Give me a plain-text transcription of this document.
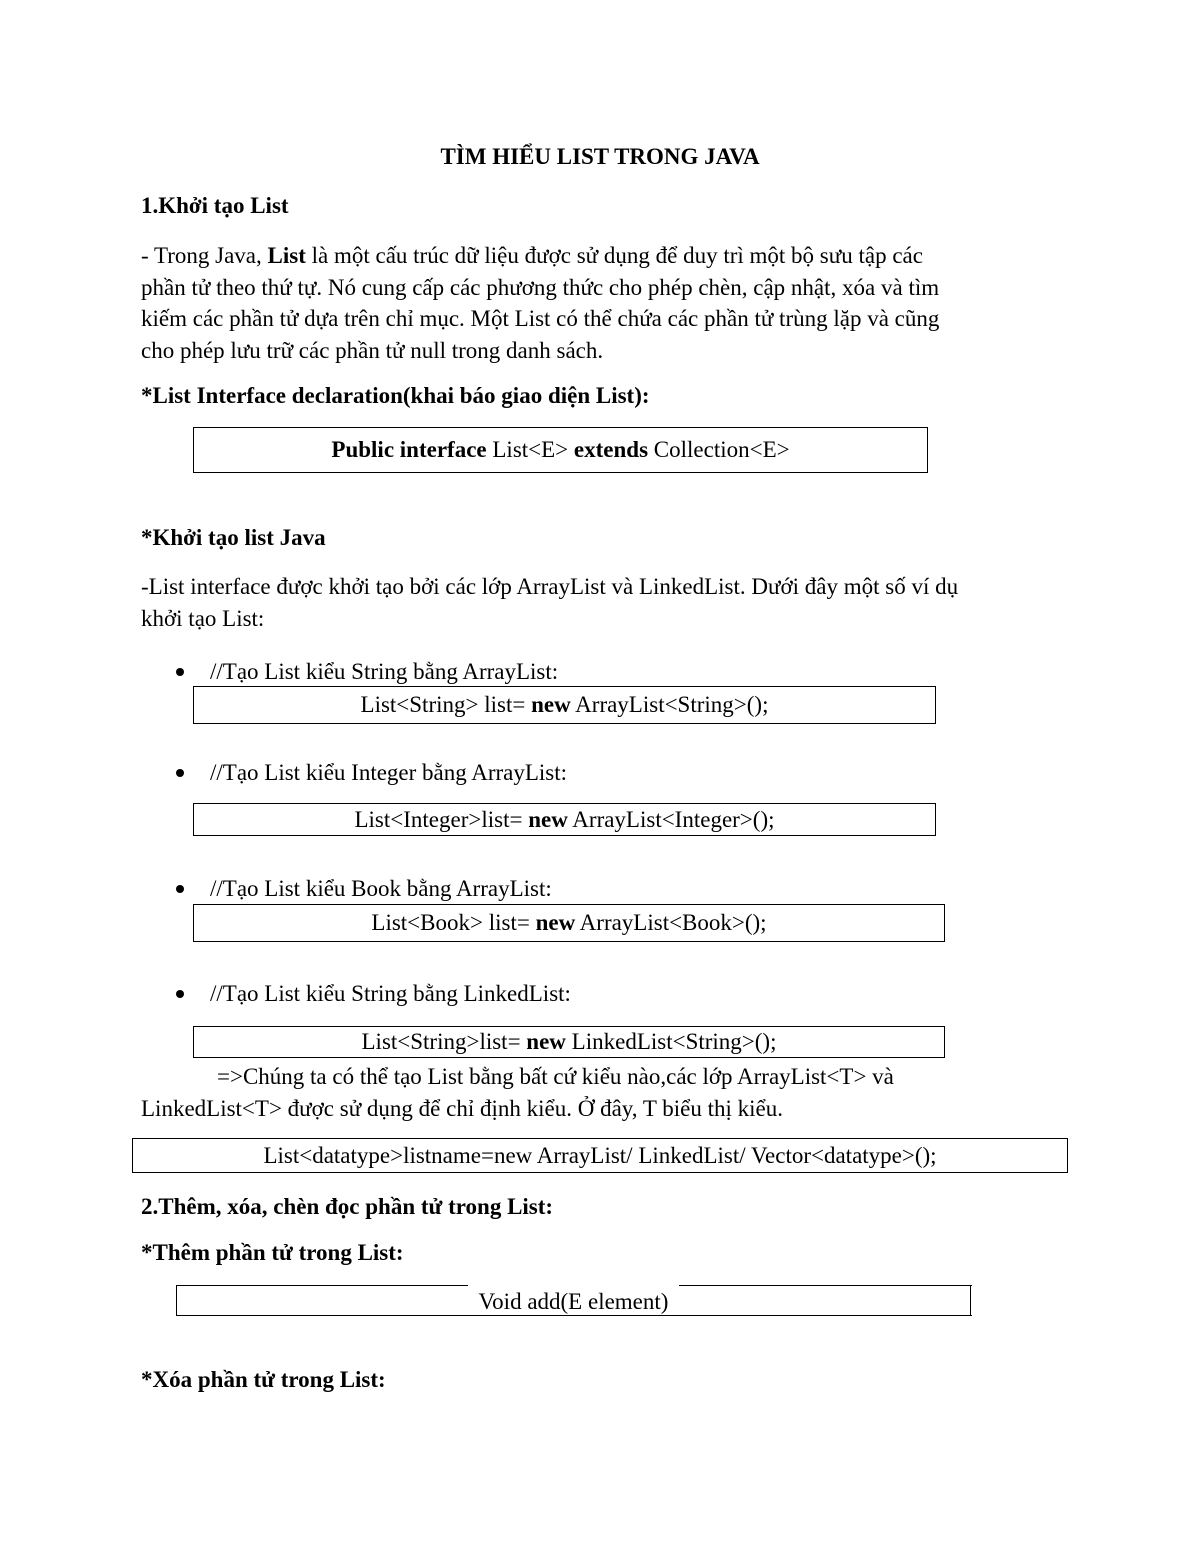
TÌM HIỂU LIST TRONG JAVA
1.Khởi tạo List
- Trong Java, List là một cấu trúc dữ liệu được sử dụng để duy trì một bộ sưu tập các
phần tử theo thứ tự. Nó cung cấp các phương thức cho phép chèn, cập nhật, xóa và tìm
kiếm các phần tử dựa trên chỉ mục. Một List có thể chứa các phần tử trùng lặp và cũng
cho phép lưu trữ các phần tử null trong danh sách.
*List Interface declaration(khai báo giao diện List):
Public interface List<E> extends Collection<E>
*Khởi tạo list Java
-List interface được khởi tạo bởi các lớp ArrayList và LinkedList. Dưới đây một số ví dụ
khởi tạo List:
//Tạo List kiểu String bằng ArrayList:
List<String> list= new ArrayList<String>();
//Tạo List kiểu Integer bằng ArrayList:
List<Integer>list= new ArrayList<Integer>();
//Tạo List kiểu Book bằng ArrayList:
List<Book> list= new ArrayList<Book>();
//Tạo List kiểu String bằng LinkedList:
List<String>list= new LinkedList<String>();
=>Chúng ta có thể tạo List bằng bất cứ kiểu nào,các lớp ArrayList<T> và
LinkedList<T> được sử dụng để chỉ định kiểu. Ở đây, T biểu thị kiểu.
List<datatype>listname=new ArrayList/ LinkedList/ Vector<datatype>();
2.Thêm, xóa, chèn đọc phần tử trong List:
*Thêm phần tử trong List:
Void add(E element)
*Xóa phần tử trong List:
